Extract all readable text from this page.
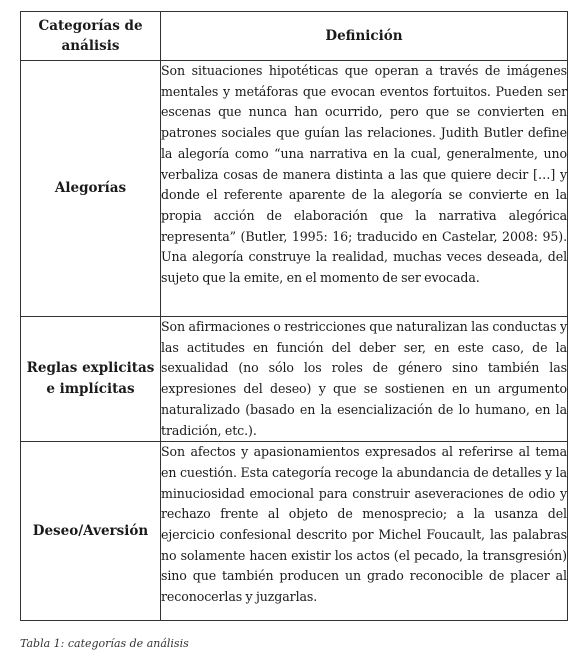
Categorías de análisis	Definición
Alegorías	Son situaciones hipotéticas que operan a través de imágenes mentales y metáforas que evocan eventos fortuitos. Pueden ser escenas que nunca han ocurrido, pero que se convierten en patrones sociales que guían las relaciones. Judith Butler define la alegoría como “una narrativa en la cual, generalmente, uno verbaliza cosas de manera distinta a las que quiere decir […] y donde el referente aparente de la alegoría se convierte en la propia acción de elaboración que la narrativa alegórica representa” (Butler, 1995: 16; traducido en Castelar, 2008: 95). Una alegoría construye la realidad, muchas veces deseada, del sujeto que la emite, en el momento de ser evocada.
Reglas explicitas e implícitas	Son afirmaciones o restricciones que naturalizan las conductas y las actitudes en función del deber ser, en este caso, de la sexualidad (no sólo los roles de género sino también las expresiones del deseo) y que se sostienen en un argumento naturalizado (basado en la esencialización de lo humano, en la tradición, etc.).
Deseo/Aversión	Son afectos y apasionamientos expresados al referirse al tema en cuestión. Esta categoría recoge la abundancia de detalles y la minuciosidad emocional para construir aseveraciones de odio y rechazo frente al objeto de menosprecio; a la usanza del ejercicio confesional descrito por Michel Foucault, las palabras no solamente hacen existir los actos (el pecado, la transgresión) sino que también producen un grado reconocible de placer al reconocerlas y juzgarlas.
Tabla 1: categorías de análisis
